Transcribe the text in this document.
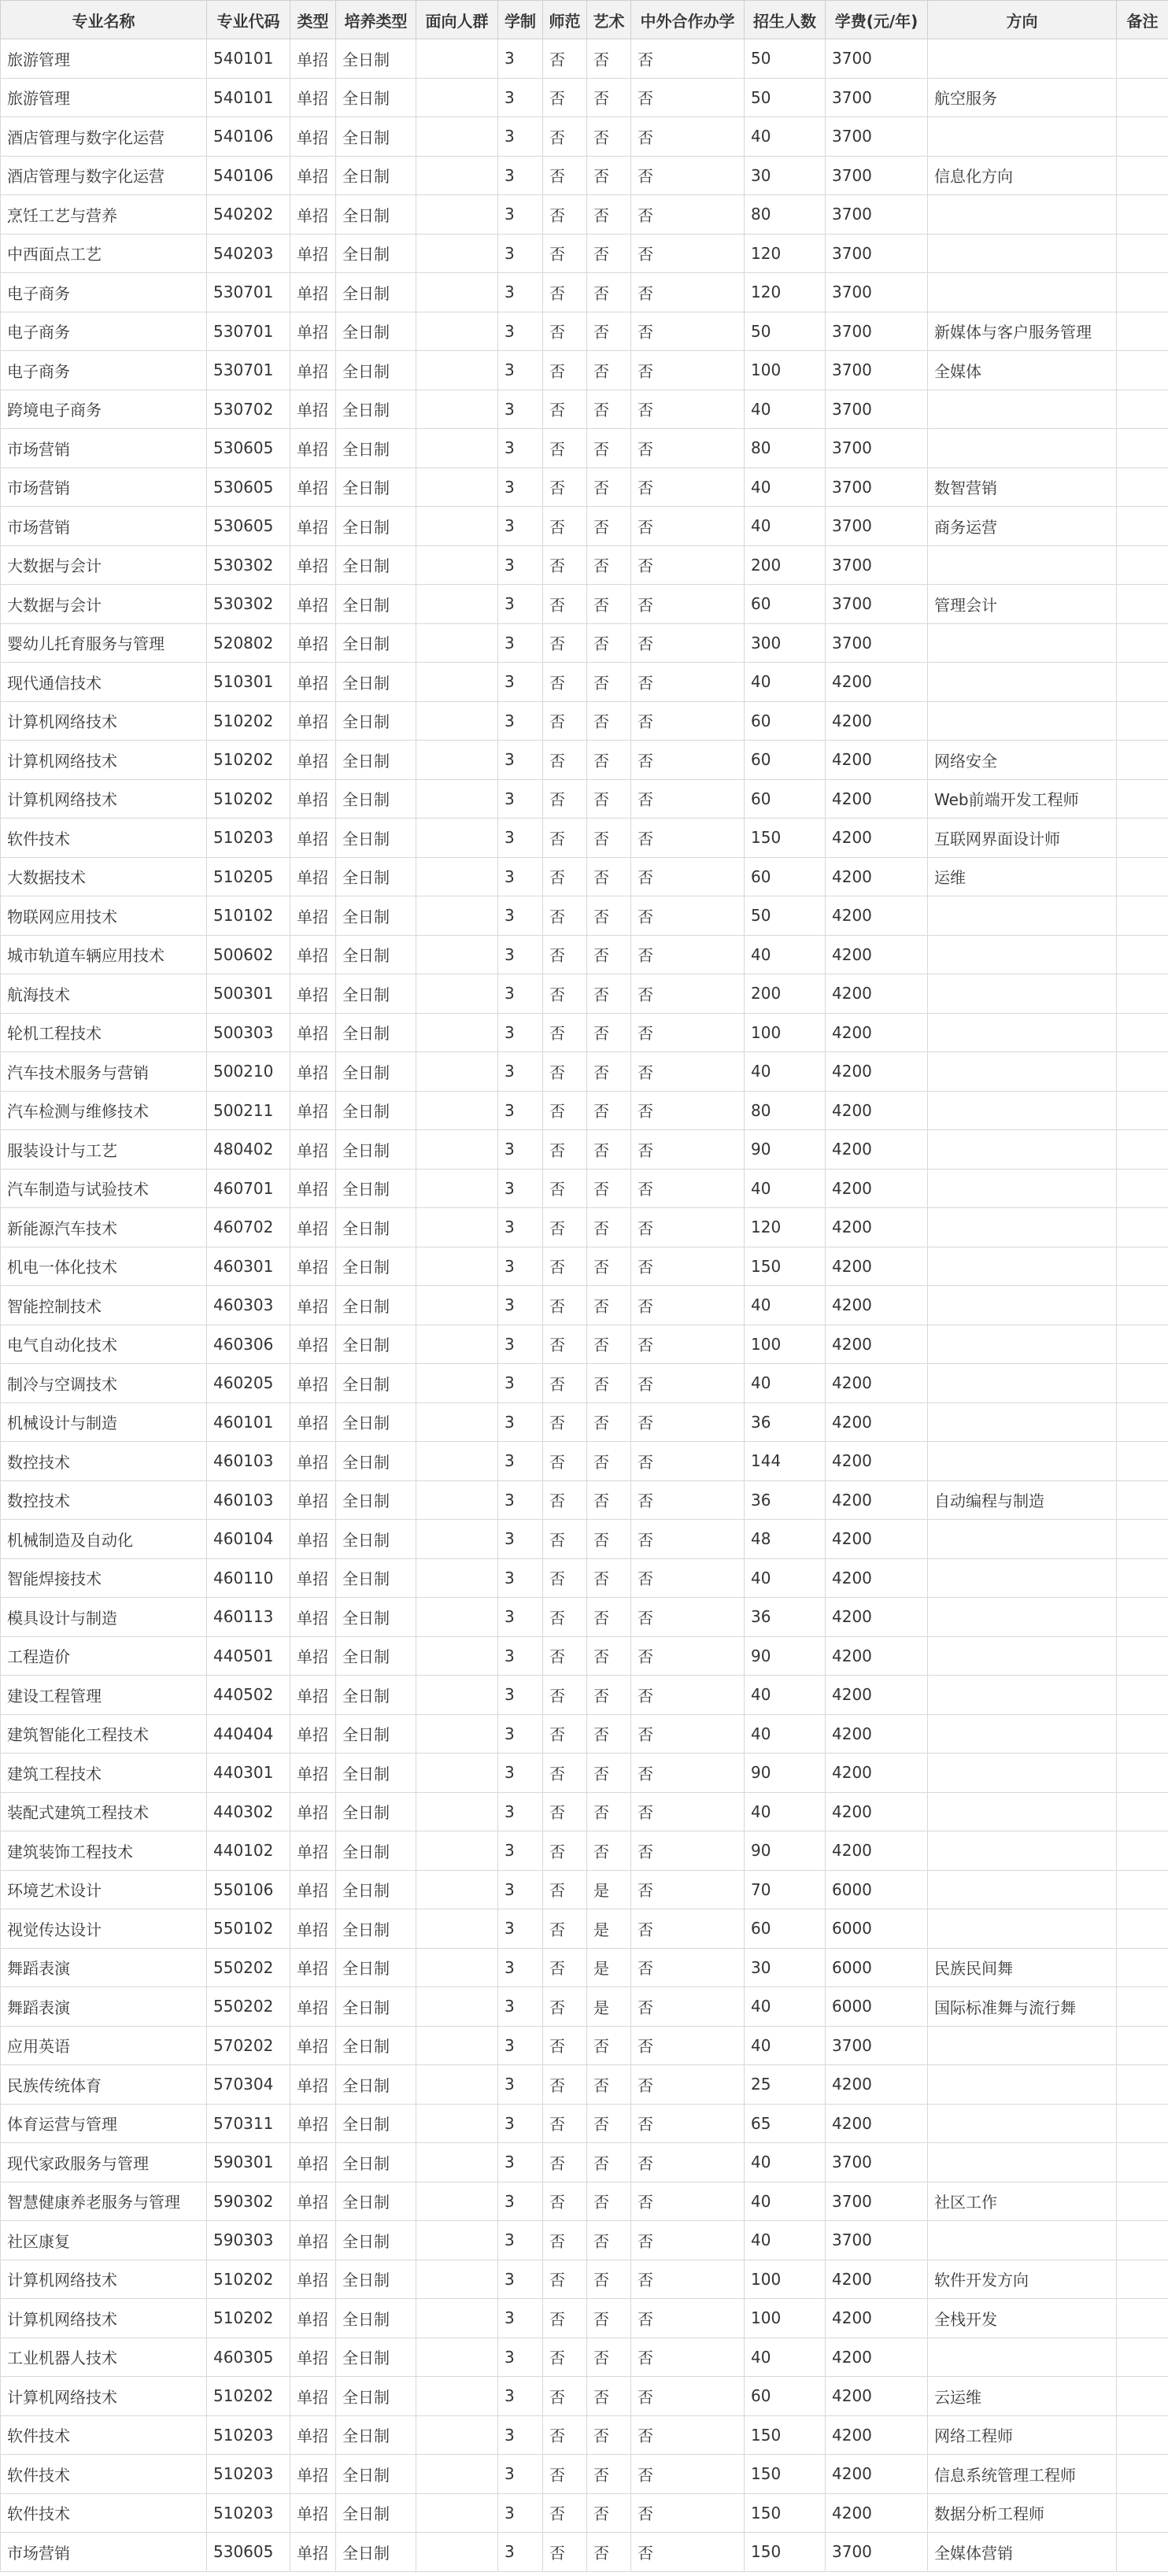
专业名称	专业代码	类型	培养类型	面向人群	学制	师范	艺术	中外合作办学	招生人数	学费(元/年)	方向	备注
旅游管理	540101	单招	全日制		3	否	否	否	50	3700		
旅游管理	540101	单招	全日制		3	否	否	否	50	3700	航空服务	
酒店管理与数字化运营	540106	单招	全日制		3	否	否	否	40	3700		
酒店管理与数字化运营	540106	单招	全日制		3	否	否	否	30	3700	信息化方向	
烹饪工艺与营养	540202	单招	全日制		3	否	否	否	80	3700		
中西面点工艺	540203	单招	全日制		3	否	否	否	120	3700		
电子商务	530701	单招	全日制		3	否	否	否	120	3700		
电子商务	530701	单招	全日制		3	否	否	否	50	3700	新媒体与客户服务管理	
电子商务	530701	单招	全日制		3	否	否	否	100	3700	全媒体	
跨境电子商务	530702	单招	全日制		3	否	否	否	40	3700		
市场营销	530605	单招	全日制		3	否	否	否	80	3700		
市场营销	530605	单招	全日制		3	否	否	否	40	3700	数智营销	
市场营销	530605	单招	全日制		3	否	否	否	40	3700	商务运营	
大数据与会计	530302	单招	全日制		3	否	否	否	200	3700		
大数据与会计	530302	单招	全日制		3	否	否	否	60	3700	管理会计	
婴幼儿托育服务与管理	520802	单招	全日制		3	否	否	否	300	3700		
现代通信技术	510301	单招	全日制		3	否	否	否	40	4200		
计算机网络技术	510202	单招	全日制		3	否	否	否	60	4200		
计算机网络技术	510202	单招	全日制		3	否	否	否	60	4200	网络安全	
计算机网络技术	510202	单招	全日制		3	否	否	否	60	4200	Web前端开发工程师	
软件技术	510203	单招	全日制		3	否	否	否	150	4200	互联网界面设计师	
大数据技术	510205	单招	全日制		3	否	否	否	60	4200	运维	
物联网应用技术	510102	单招	全日制		3	否	否	否	50	4200		
城市轨道车辆应用技术	500602	单招	全日制		3	否	否	否	40	4200		
航海技术	500301	单招	全日制		3	否	否	否	200	4200		
轮机工程技术	500303	单招	全日制		3	否	否	否	100	4200		
汽车技术服务与营销	500210	单招	全日制		3	否	否	否	40	4200		
汽车检测与维修技术	500211	单招	全日制		3	否	否	否	80	4200		
服装设计与工艺	480402	单招	全日制		3	否	否	否	90	4200		
汽车制造与试验技术	460701	单招	全日制		3	否	否	否	40	4200		
新能源汽车技术	460702	单招	全日制		3	否	否	否	120	4200		
机电一体化技术	460301	单招	全日制		3	否	否	否	150	4200		
智能控制技术	460303	单招	全日制		3	否	否	否	40	4200		
电气自动化技术	460306	单招	全日制		3	否	否	否	100	4200		
制冷与空调技术	460205	单招	全日制		3	否	否	否	40	4200		
机械设计与制造	460101	单招	全日制		3	否	否	否	36	4200		
数控技术	460103	单招	全日制		3	否	否	否	144	4200		
数控技术	460103	单招	全日制		3	否	否	否	36	4200	自动编程与制造	
机械制造及自动化	460104	单招	全日制		3	否	否	否	48	4200		
智能焊接技术	460110	单招	全日制		3	否	否	否	40	4200		
模具设计与制造	460113	单招	全日制		3	否	否	否	36	4200		
工程造价	440501	单招	全日制		3	否	否	否	90	4200		
建设工程管理	440502	单招	全日制		3	否	否	否	40	4200		
建筑智能化工程技术	440404	单招	全日制		3	否	否	否	40	4200		
建筑工程技术	440301	单招	全日制		3	否	否	否	90	4200		
装配式建筑工程技术	440302	单招	全日制		3	否	否	否	40	4200		
建筑装饰工程技术	440102	单招	全日制		3	否	否	否	90	4200		
环境艺术设计	550106	单招	全日制		3	否	是	否	70	6000		
视觉传达设计	550102	单招	全日制		3	否	是	否	60	6000		
舞蹈表演	550202	单招	全日制		3	否	是	否	30	6000	民族民间舞	
舞蹈表演	550202	单招	全日制		3	否	是	否	40	6000	国际标准舞与流行舞	
应用英语	570202	单招	全日制		3	否	否	否	40	3700		
民族传统体育	570304	单招	全日制		3	否	否	否	25	4200		
体育运营与管理	570311	单招	全日制		3	否	否	否	65	4200		
现代家政服务与管理	590301	单招	全日制		3	否	否	否	40	3700		
智慧健康养老服务与管理	590302	单招	全日制		3	否	否	否	40	3700	社区工作	
社区康复	590303	单招	全日制		3	否	否	否	40	3700		
计算机网络技术	510202	单招	全日制		3	否	否	否	100	4200	软件开发方向	
计算机网络技术	510202	单招	全日制		3	否	否	否	100	4200	全栈开发	
工业机器人技术	460305	单招	全日制		3	否	否	否	40	4200		
计算机网络技术	510202	单招	全日制		3	否	否	否	60	4200	云运维	
软件技术	510203	单招	全日制		3	否	否	否	150	4200	网络工程师	
软件技术	510203	单招	全日制		3	否	否	否	150	4200	信息系统管理工程师	
软件技术	510203	单招	全日制		3	否	否	否	150	4200	数据分析工程师	
市场营销	530605	单招	全日制		3	否	否	否	150	3700	全媒体营销	
